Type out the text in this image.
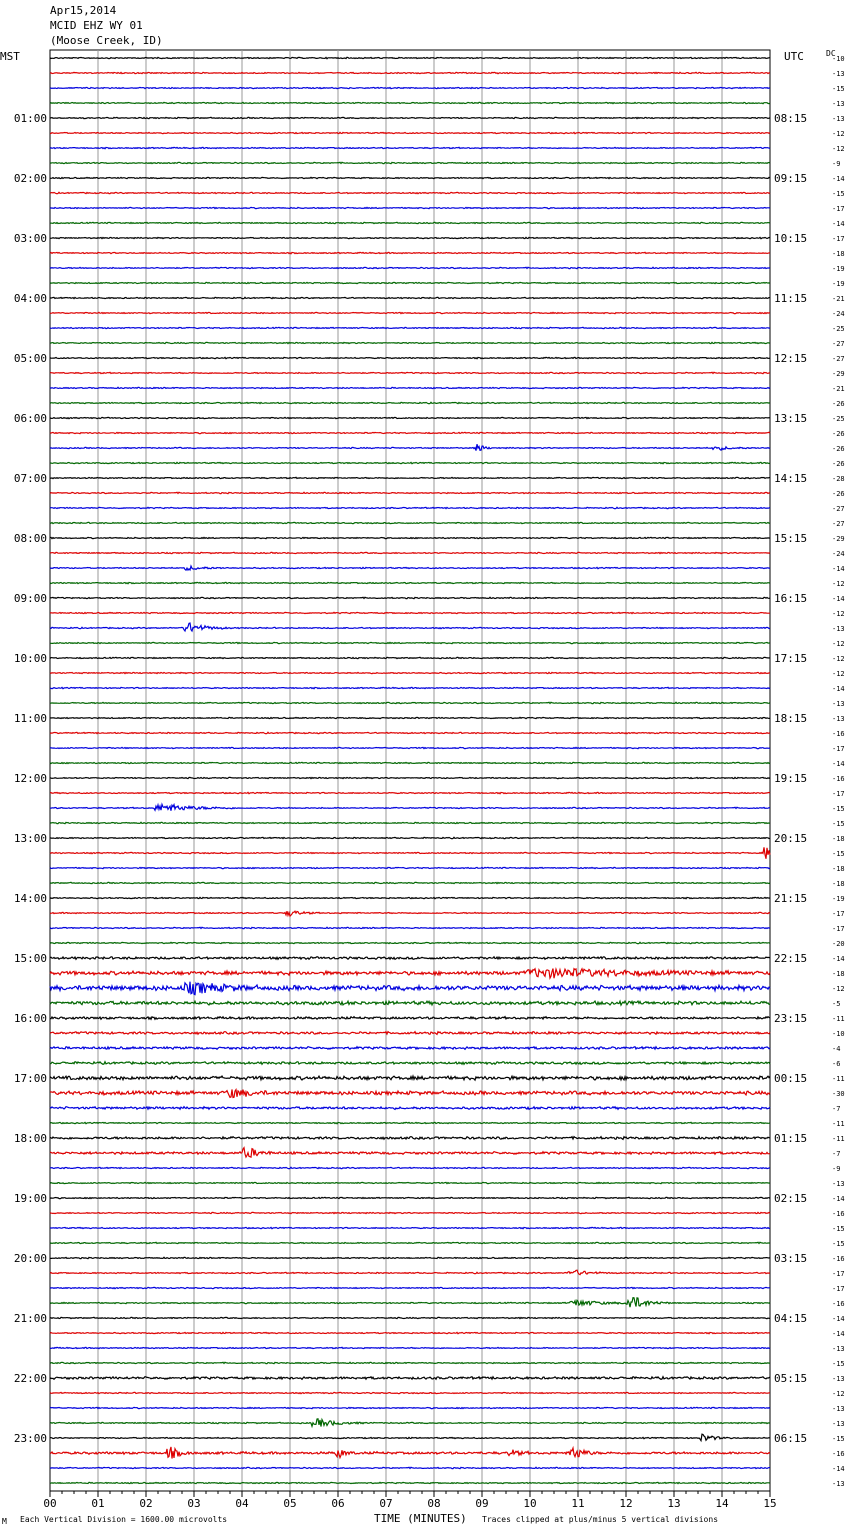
Apr15,2014
MCID EHZ WY 01
(Moose Creek, ID)
MST	UTC	DC
-10
-13
-15
-13
-13
01:00	08:15
-12
-12
-9
-14
02:00	09:15
-15
-17
-14
-17
03:00	10:15
-18
-19
-19
-21
04:00	11:15
-24
-25
-27
-27
05:00	12:15
-29
-21
-26
-25
06:00	13:15
-26
-26
-26
-28
07:00	14:15
-26
-27
-27
-29
08:00	15:15
-24
-14
-12
-14
09:00	16:15
-12
-13
-12
-12
10:00	17:15
-12
-14
-13
-13
11:00	18:15
-16
-17
-14
-16
12:00	19:15
-17
-15
-15
-18
13:00	20:15
-15
-18
-18
-19
14:00	21:15
-17
-17
-20
-14
15:00	22:15
-18
-12
-5
-11
16:00	23:15
-10
-4
-6
-11
17:00	00:15
-30
-7
-11
-11
18:00	01:15
-7
-9
-13
-14
19:00	02:15
-16
-15
-15
-16
20:00	03:15
-17
-17
-16
-14
21:00	04:15
-14
-13
-15
-13
22:00	05:15
-12
-13
-13
-15
23:00	06:15
-16
-14
-13
00	01	02	03	04	05	06	07	08	09	10	11	12	13	14	15
M Each Vertical Division = 1600.00 microvolts	TIME (MINUTES) Traces clipped at plus/minus 5 vertical divisions
